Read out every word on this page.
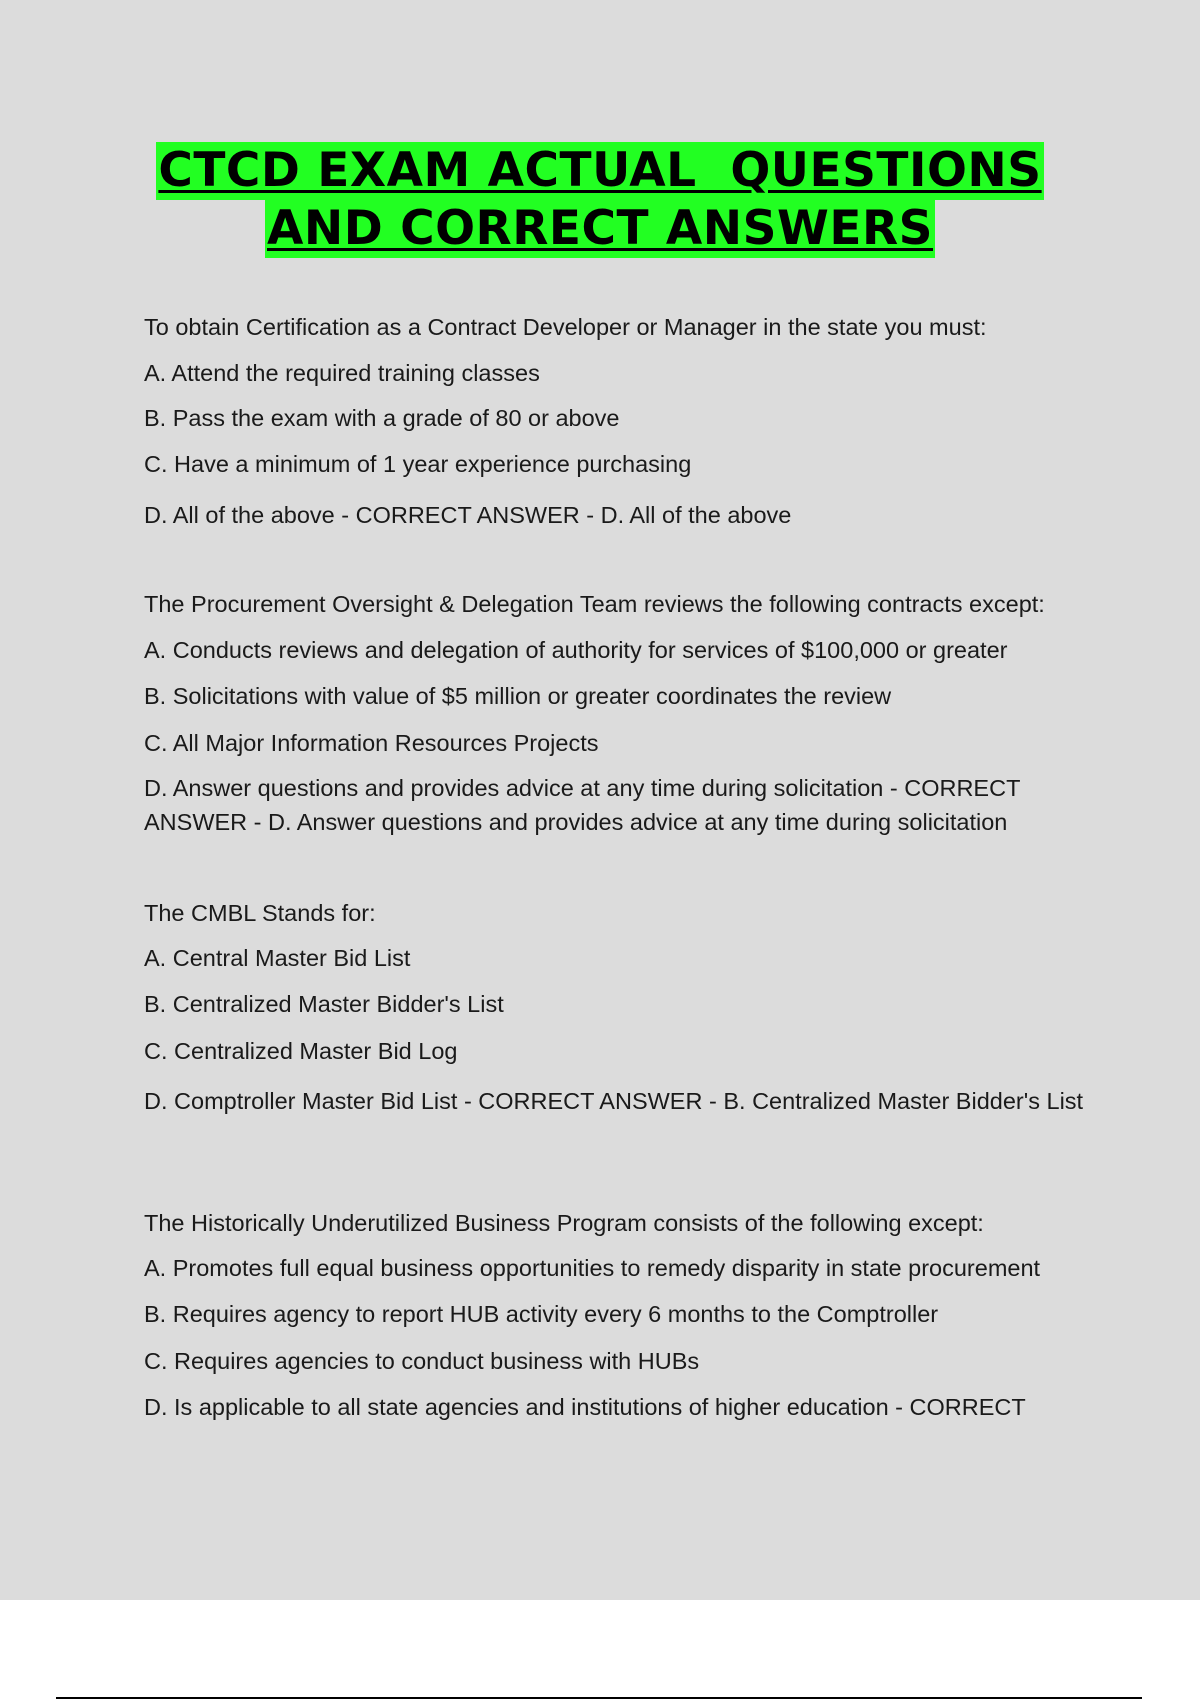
CTCD EXAM ACTUAL  QUESTIONS
AND CORRECT ANSWERS

To obtain Certification as a Contract Developer or Manager in the state you must:

A. Attend the required training classes

B. Pass the exam with a grade of 80 or above

C. Have a minimum of 1 year experience purchasing

D. All of the above - CORRECT ANSWER - D. All of the above

The Procurement Oversight & Delegation Team reviews the following contracts except:

A. Conducts reviews and delegation of authority for services of $100,000 or greater

B. Solicitations with value of $5 million or greater coordinates the review

C. All Major Information Resources Projects

D. Answer questions and provides advice at any time during solicitation - CORRECT ANSWER - D. Answer questions and provides advice at any time during solicitation

The CMBL Stands for:

A. Central Master Bid List

B. Centralized Master Bidder's List

C. Centralized Master Bid Log

D. Comptroller Master Bid List - CORRECT ANSWER - B. Centralized Master Bidder's List

The Historically Underutilized Business Program consists of the following except:

A. Promotes full equal business opportunities to remedy disparity in state procurement

B. Requires agency to report HUB activity every 6 months to the Comptroller

C. Requires agencies to conduct business with HUBs

D. Is applicable to all state agencies and institutions of higher education - CORRECT
